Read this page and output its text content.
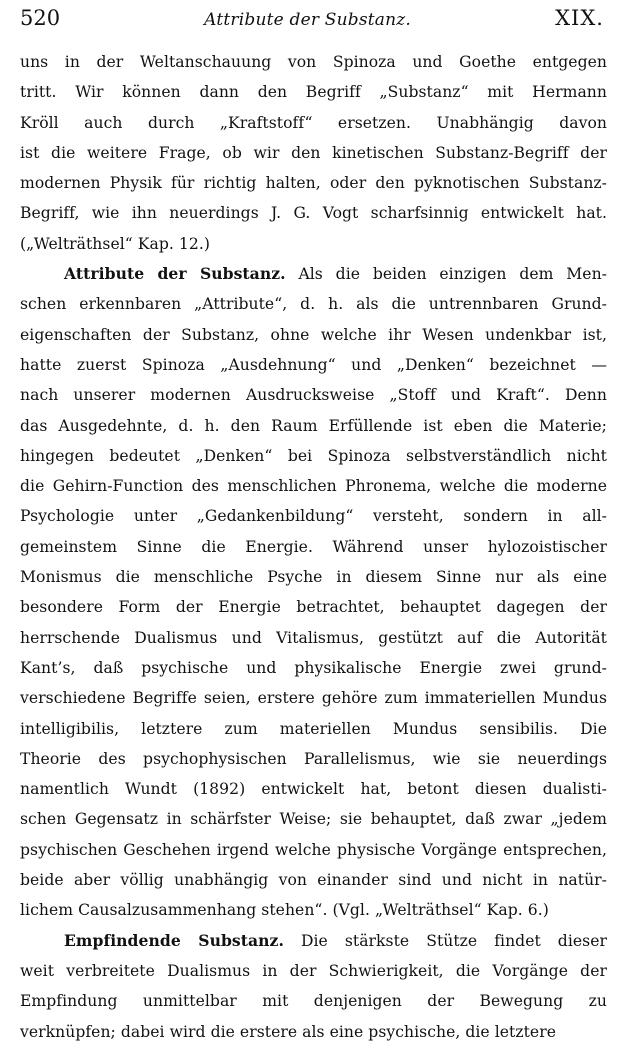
520	Attribute der Substanz.	XIX.
uns in der Weltanschauung von Spinoza und Goethe entgegen
tritt. Wir können dann den Begriff „Substanz“ mit Hermann
Kröll auch durch „Kraftstoff“ ersetzen. Unabhängig davon
ist die weitere Frage, ob wir den kinetischen Substanz-Begriff der
modernen Physik für richtig halten, oder den pyknotischen Substanz-
Begriff, wie ihn neuerdings J. G. Vogt scharfsinnig entwickelt hat.
(„Welträthsel“ Kap. 12.)
Attribute der Substanz. Als die beiden einzigen dem Men-
schen erkennbaren „Attribute“, d. h. als die untrennbaren Grund-
eigenschaften der Substanz, ohne welche ihr Wesen undenkbar ist,
hatte zuerst Spinoza „Ausdehnung“ und „Denken“ bezeichnet —
nach unserer modernen Ausdrucksweise „Stoff und Kraft“. Denn
das Ausgedehnte, d. h. den Raum Erfüllende ist eben die Materie;
hingegen bedeutet „Denken“ bei Spinoza selbstverständlich nicht
die Gehirn-Function des menschlichen Phronema, welche die moderne
Psychologie unter „Gedankenbildung“ versteht, sondern in all-
gemeinstem Sinne die Energie. Während unser hylozoistischer
Monismus die menschliche Psyche in diesem Sinne nur als eine
besondere Form der Energie betrachtet, behauptet dagegen der
herrschende Dualismus und Vitalismus, gestützt auf die Autorität
Kant’s, daß psychische und physikalische Energie zwei grund-
verschiedene Begriffe seien, erstere gehöre zum immateriellen Mundus
intelligibilis, letztere zum materiellen Mundus sensibilis. Die
Theorie des psychophysischen Parallelismus, wie sie neuerdings
namentlich Wundt (1892) entwickelt hat, betont diesen dualisti-
schen Gegensatz in schärfster Weise; sie behauptet, daß zwar „jedem
psychischen Geschehen irgend welche physische Vorgänge entsprechen,
beide aber völlig unabhängig von einander sind und nicht in natür-
lichem Causalzusammenhang stehen“. (Vgl. „Welträthsel“ Kap. 6.)
Empfindende Substanz. Die stärkste Stütze findet dieser
weit verbreitete Dualismus in der Schwierigkeit, die Vorgänge der
Empfindung unmittelbar mit denjenigen der Bewegung zu
verknüpfen; dabei wird die erstere als eine psychische, die letztere
